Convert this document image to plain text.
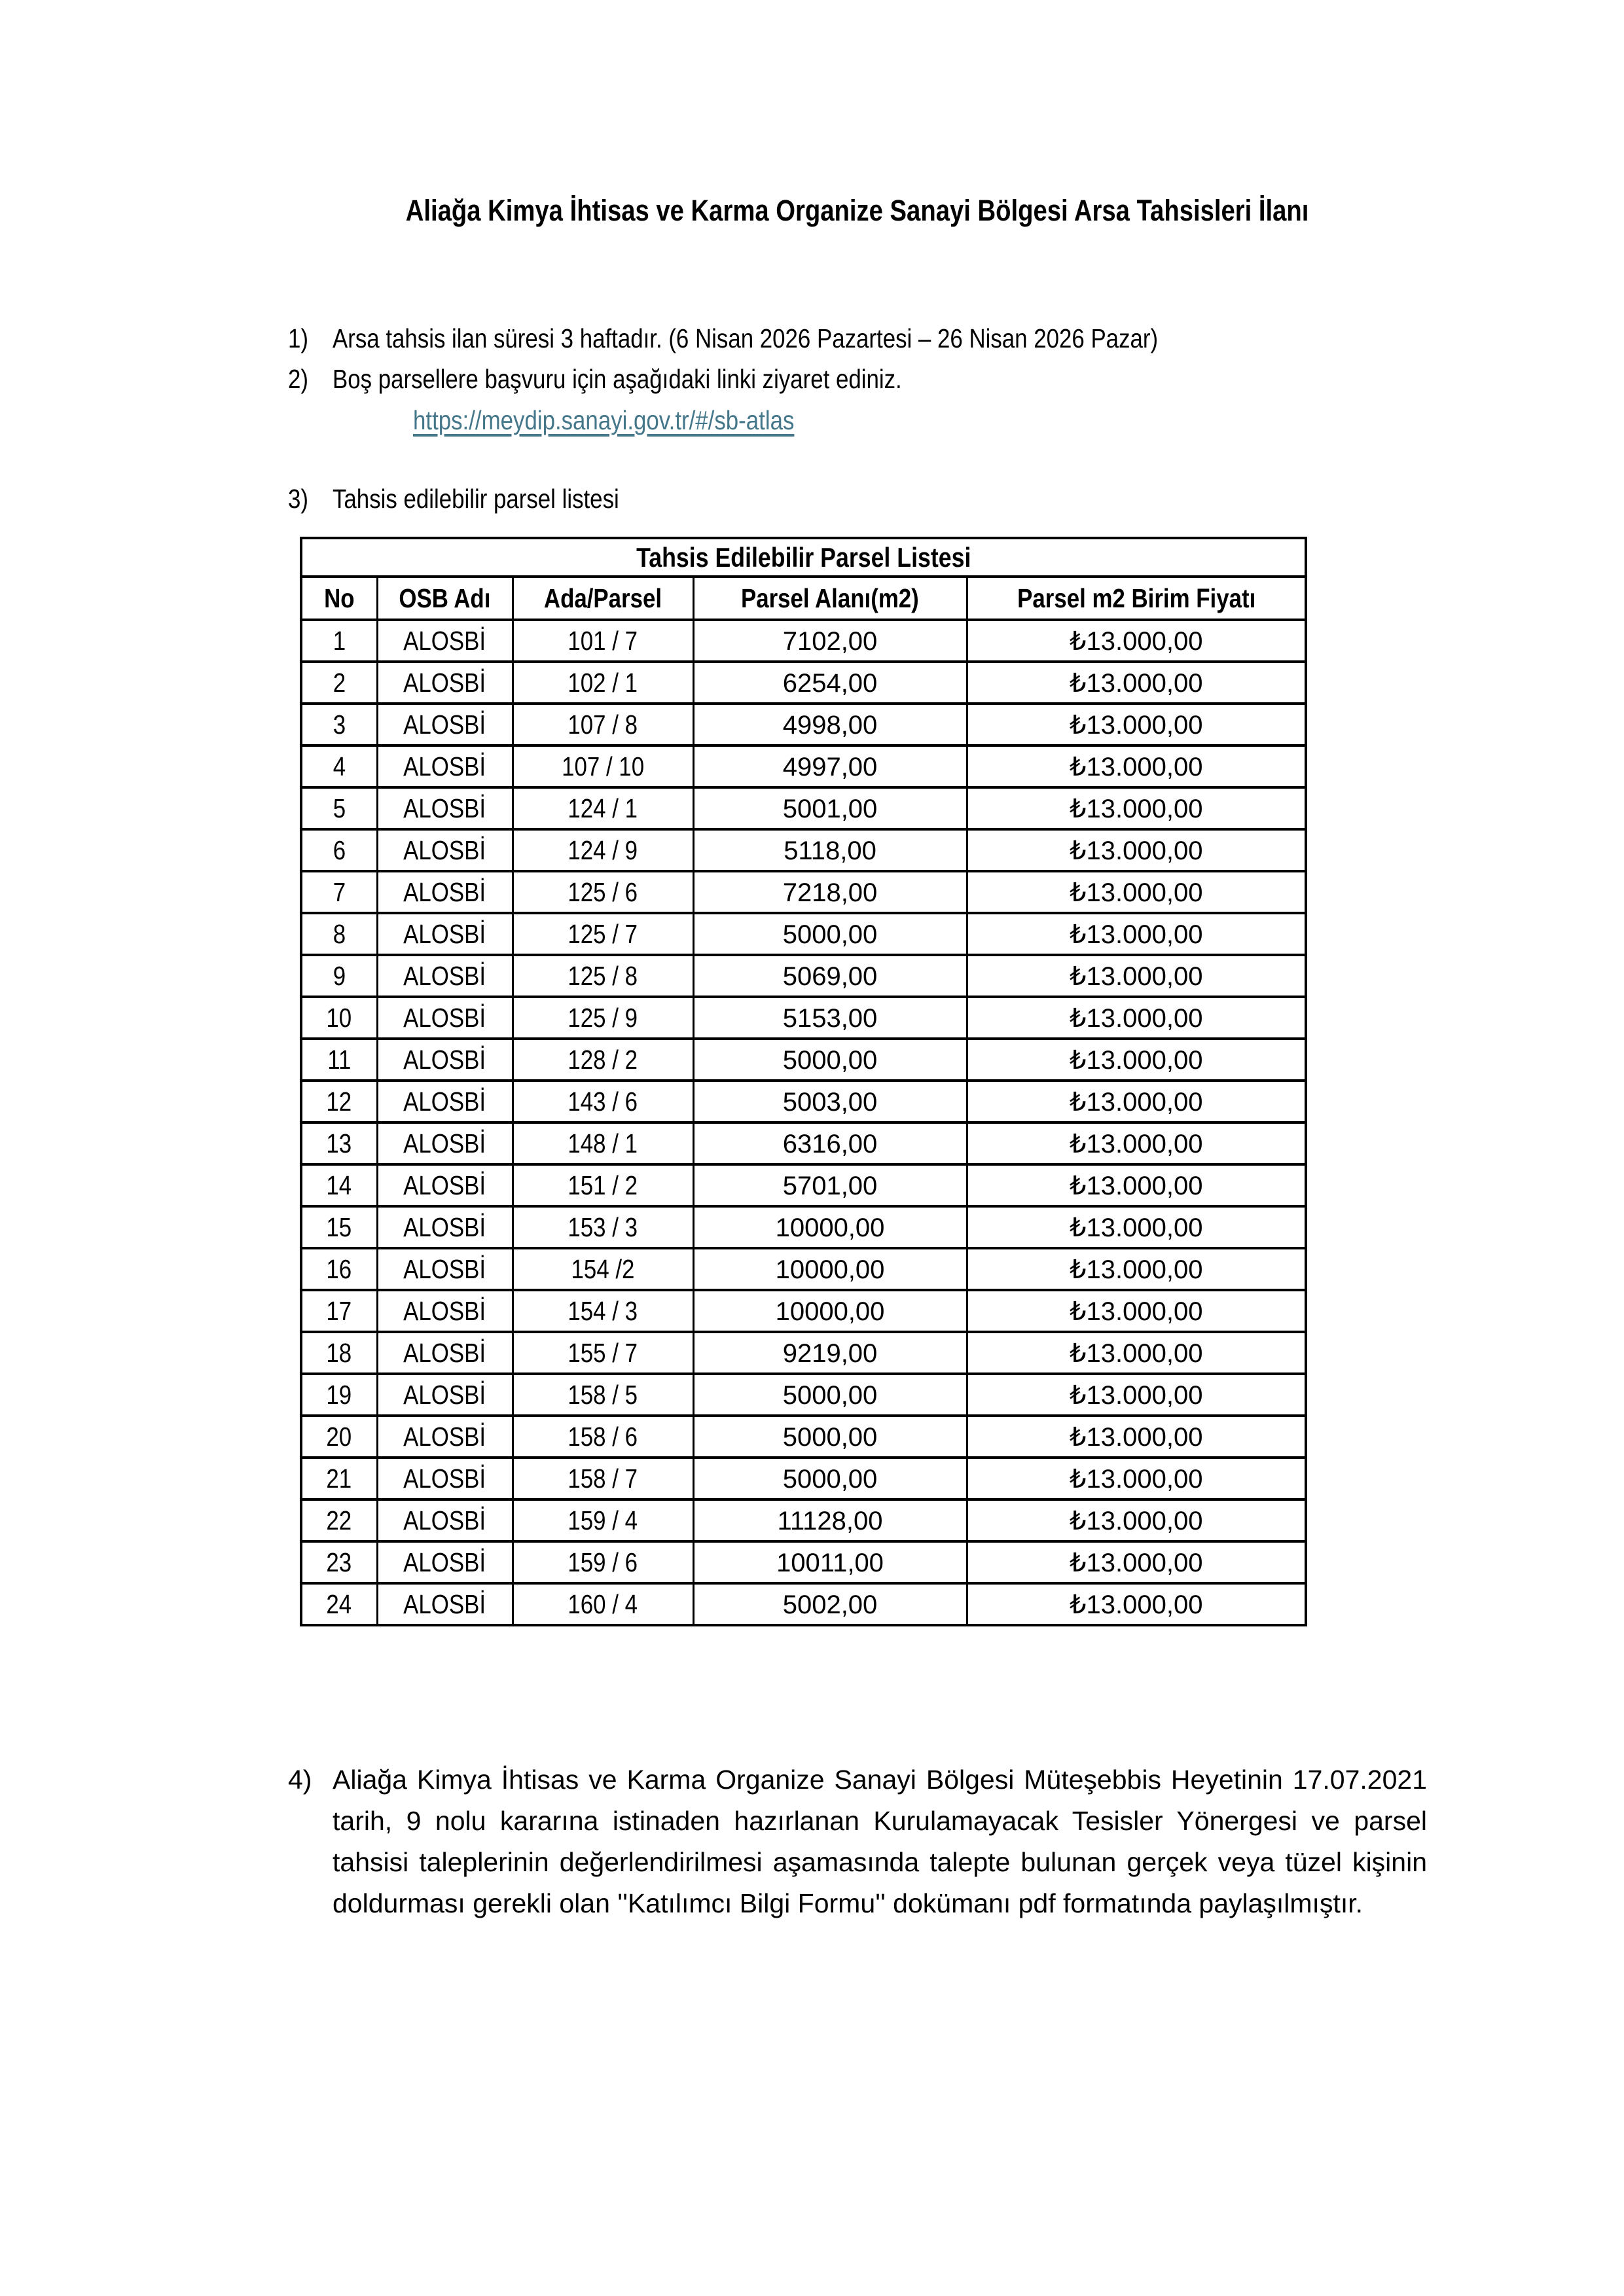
Aliağa Kimya İhtisas ve Karma Organize Sanayi Bölgesi Arsa Tahsisleri İlanı
1) Arsa tahsis ilan süresi 3 haftadır. (6 Nisan 2026 Pazartesi – 26 Nisan 2026 Pazar)
2) Boş parsellere başvuru için aşağıdaki linki ziyaret ediniz.
https://meydip.sanayi.gov.tr/#/sb-atlas
3) Tahsis edilebilir parsel listesi
Tahsis Edilebilir Parsel Listesi				
No	OSB Adı	Ada/Parsel	Parsel Alanı(m2)	Parsel m2 Birim Fiyatı
1	ALOSBİ	101 / 7	7102,00	₺13.000,00
2	ALOSBİ	102 / 1	6254,00	₺13.000,00
3	ALOSBİ	107 / 8	4998,00	₺13.000,00
4	ALOSBİ	107 / 10	4997,00	₺13.000,00
5	ALOSBİ	124 / 1	5001,00	₺13.000,00
6	ALOSBİ	124 / 9	5118,00	₺13.000,00
7	ALOSBİ	125 / 6	7218,00	₺13.000,00
8	ALOSBİ	125 / 7	5000,00	₺13.000,00
9	ALOSBİ	125 / 8	5069,00	₺13.000,00
10	ALOSBİ	125 / 9	5153,00	₺13.000,00
11	ALOSBİ	128 / 2	5000,00	₺13.000,00
12	ALOSBİ	143 / 6	5003,00	₺13.000,00
13	ALOSBİ	148 / 1	6316,00	₺13.000,00
14	ALOSBİ	151 / 2	5701,00	₺13.000,00
15	ALOSBİ	153 / 3	10000,00	₺13.000,00
16	ALOSBİ	154 /2	10000,00	₺13.000,00
17	ALOSBİ	154 / 3	10000,00	₺13.000,00
18	ALOSBİ	155 / 7	9219,00	₺13.000,00
19	ALOSBİ	158 / 5	5000,00	₺13.000,00
20	ALOSBİ	158 / 6	5000,00	₺13.000,00
21	ALOSBİ	158 / 7	5000,00	₺13.000,00
22	ALOSBİ	159 / 4	11128,00	₺13.000,00
23	ALOSBİ	159 / 6	10011,00	₺13.000,00
24	ALOSBİ	160 / 4	5002,00	₺13.000,00
4) Aliağa Kimya İhtisas ve Karma Organize Sanayi Bölgesi Müteşebbis Heyetinin 17.07.2021 tarih, 9 nolu kararına istinaden hazırlanan Kurulamayacak Tesisler Yönergesi ve parsel tahsisi taleplerinin değerlendirilmesi aşamasında talepte bulunan gerçek veya tüzel kişinin doldurması gerekli olan ''Katılımcı Bilgi Formu'' dokümanı pdf formatında paylaşılmıştır.
